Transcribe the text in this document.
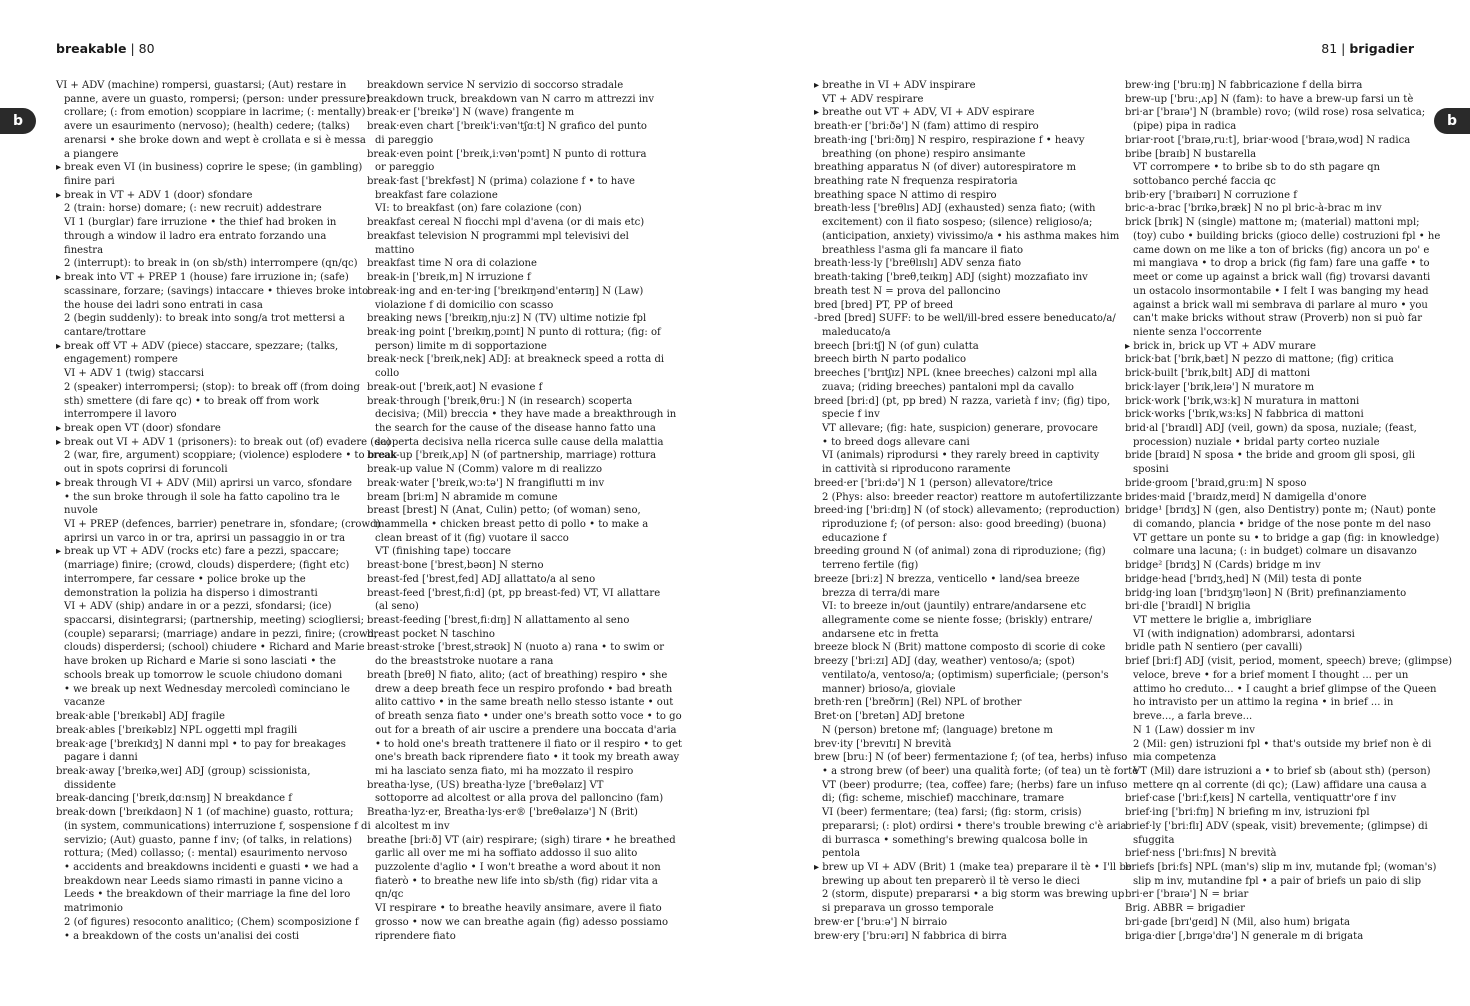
breakable | 80	81 | brigadier
b	b
VI + ADV (machine) rompersi, guastarsi; (Aut) restare in
panne, avere un guasto, rompersi; (person: under pressure)
crollare; (: from emotion) scoppiare in lacrime; (: mentally)
avere un esaurimento (nervoso); (health) cedere; (talks)
arenarsi • she broke down and wept è crollata e si è messa
a piangere
▸ break even VI (in business) coprire le spese; (in gambling)
finire pari
▸ break in VT + ADV 1 (door) sfondare
2 (train: horse) domare; (: new recruit) addestrare
VI 1 (burglar) fare irruzione • the thief had broken in
through a window il ladro era entrato forzando una
finestra
2 (interrupt): to break in (on sb/sth) interrompere (qn/qc)
▸ break into VT + PREP 1 (house) fare irruzione in; (safe)
scassinare, forzare; (savings) intaccare • thieves broke into
the house dei ladri sono entrati in casa
2 (begin suddenly): to break into song/a trot mettersi a
cantare/trottare
▸ break off VT + ADV (piece) staccare, spezzare; (talks,
engagement) rompere
VI + ADV 1 (twig) staccarsi
2 (speaker) interrompersi; (stop): to break off (from doing
sth) smettere (di fare qc) • to break off from work
interrompere il lavoro
▸ break open VT (door) sfondare
▸ break out VI + ADV 1 (prisoners): to break out (of) evadere (da)
2 (war, fire, argument) scoppiare; (violence) esplodere • to break
out in spots coprirsi di foruncoli
▸ break through VI + ADV (Mil) aprirsi un varco, sfondare
• the sun broke through il sole ha fatto capolino tra le
nuvole
VI + PREP (defences, barrier) penetrare in, sfondare; (crowd)
aprirsi un varco in or tra, aprirsi un passaggio in or tra
▸ break up VT + ADV (rocks etc) fare a pezzi, spaccare;
(marriage) finire; (crowd, clouds) disperdere; (fight etc)
interrompere, far cessare • police broke up the
demonstration la polizia ha disperso i dimostranti
VI + ADV (ship) andare in or a pezzi, sfondarsi; (ice)
spaccarsi, disintegrarsi; (partnership, meeting) sciogliersi;
(couple) separarsi; (marriage) andare in pezzi, finire; (crowd,
clouds) disperdersi; (school) chiudere • Richard and Marie
have broken up Richard e Marie si sono lasciati • the
schools break up tomorrow le scuole chiudono domani
• we break up next Wednesday mercoledì cominciano le
vacanze
break·able ['breɪkəbl] ADJ fragile
break·ables ['breɪkəblz] NPL oggetti mpl fragili
break·age ['breɪkɪdʒ] N danni mpl • to pay for breakages
pagare i danni
break·away ['breɪkə,weɪ] ADJ (group) scissionista,
dissidente
break-dancing ['breɪk,dɑːnsɪŋ] N breakdance f
break·down ['breɪkdaʊn] N 1 (of machine) guasto, rottura;
(in system, communications) interruzione f, sospensione f di
servizio; (Aut) guasto, panne f inv; (of talks, in relations)
rottura; (Med) collasso; (: mental) esaurimento nervoso
• accidents and breakdowns incidenti e guasti • we had a
breakdown near Leeds siamo rimasti in panne vicino a
Leeds • the breakdown of their marriage la fine del loro
matrimonio
2 (of figures) resoconto analitico; (Chem) scomposizione f
• a breakdown of the costs un'analisi dei costi
breakdown service N servizio di soccorso stradale
breakdown truck, breakdown van N carro m attrezzi inv
break·er ['breɪkə'] N (wave) frangente m
break·even chart ['breɪk'iːvən'tʃɑːt] N grafico del punto
di pareggio
break·even point ['breɪk,iːvən'pɔɪnt] N punto di rottura
or pareggio
break·fast ['brekfəst] N (prima) colazione f • to have
breakfast fare colazione
VI: to breakfast (on) fare colazione (con)
breakfast cereal N fiocchi mpl d'avena (or di mais etc)
breakfast television N programmi mpl televisivi del
mattino
breakfast time N ora di colazione
break-in ['breɪk,ɪn] N irruzione f
break·ing and en·ter·ing ['breɪkɪŋənd'entərɪŋ] N (Law)
violazione f di domicilio con scasso
breaking news ['breɪkɪŋ,njuːz] N (TV) ultime notizie fpl
break·ing point ['breɪkɪŋ,pɔɪnt] N punto di rottura; (fig: of
person) limite m di sopportazione
break·neck ['breɪk,nek] ADJ: at breakneck speed a rotta di
collo
break-out ['breɪk,aʊt] N evasione f
break·through ['breɪk,θruː] N (in research) scoperta
decisiva; (Mil) breccia • they have made a breakthrough in
the search for the cause of the disease hanno fatto una
scoperta decisiva nella ricerca sulle cause della malattia
break-up ['breɪk,ʌp] N (of partnership, marriage) rottura
break-up value N (Comm) valore m di realizzo
break·water ['breɪk,wɔːtə'] N frangiflutti m inv
bream [briːm] N abramide m comune
breast [brest] N (Anat, Culin) petto; (of woman) seno,
mammella • chicken breast petto di pollo • to make a
clean breast of it (fig) vuotare il sacco
VT (finishing tape) toccare
breast·bone ['brest,bəʊn] N sterno
breast-fed ['brest,fed] ADJ allattato/a al seno
breast-feed ['brest,fiːd] (pt, pp breast-fed) VT, VI allattare
(al seno)
breast-feeding ['brest,fiːdɪŋ] N allattamento al seno
breast pocket N taschino
breast·stroke ['brest,strəʊk] N (nuoto a) rana • to swim or
do the breaststroke nuotare a rana
breath [breθ] N fiato, alito; (act of breathing) respiro • she
drew a deep breath fece un respiro profondo • bad breath
alito cattivo • in the same breath nello stesso istante • out
of breath senza fiato • under one's breath sotto voce • to go
out for a breath of air uscire a prendere una boccata d'aria
• to hold one's breath trattenere il fiato or il respiro • to get
one's breath back riprendere fiato • it took my breath away
mi ha lasciato senza fiato, mi ha mozzato il respiro
breatha·lyse, (US) breatha·lyze ['breθəlaɪz] VT
sottoporre ad alcoltest or alla prova del palloncino (fam)
Breatha·lyz·er, Breatha·lys·er® ['breθəlaɪzə'] N (Brit)
alcoltest m inv
breathe [briːð] VT (air) respirare; (sigh) tirare • he breathed
garlic all over me mi ha soffiato addosso il suo alito
puzzolente d'aglio • I won't breathe a word about it non
fiaterò • to breathe new life into sb/sth (fig) ridar vita a
qn/qc
VI respirare • to breathe heavily ansimare, avere il fiato
grosso • now we can breathe again (fig) adesso possiamo
riprendere fiato
▸ breathe in VI + ADV inspirare
VT + ADV respirare
▸ breathe out VT + ADV, VI + ADV espirare
breath·er ['briːðə'] N (fam) attimo di respiro
breath·ing ['briːðɪŋ] N respiro, respirazione f • heavy
breathing (on phone) respiro ansimante
breathing apparatus N (of diver) autorespiratore m
breathing rate N frequenza respiratoria
breathing space N attimo di respiro
breath·less ['breθlɪs] ADJ (exhausted) senza fiato; (with
excitement) con il fiato sospeso; (silence) religioso/a;
(anticipation, anxiety) vivissimo/a • his asthma makes him
breathless l'asma gli fa mancare il fiato
breath·less·ly ['breθlɪslɪ] ADV senza fiato
breath·taking ['breθ,teɪkɪŋ] ADJ (sight) mozzafiato inv
breath test N = prova del palloncino
bred [bred] PT, PP of breed
-bred [bred] SUFF: to be well/ill-bred essere beneducato/a/
maleducato/a
breech [briːtʃ] N (of gun) culatta
breech birth N parto podalico
breeches ['brɪtʃɪz] NPL (knee breeches) calzoni mpl alla
zuava; (riding breeches) pantaloni mpl da cavallo
breed [briːd] (pt, pp bred) N razza, varietà f inv; (fig) tipo,
specie f inv
VT allevare; (fig: hate, suspicion) generare, provocare
• to breed dogs allevare cani
VI (animals) riprodursi • they rarely breed in captivity
in cattività si riproducono raramente
breed·er ['briːdə'] N 1 (person) allevatore/trice
2 (Phys: also: breeder reactor) reattore m autofertilizzante
breed·ing ['briːdɪŋ] N (of stock) allevamento; (reproduction)
riproduzione f; (of person: also: good breeding) (buona)
educazione f
breeding ground N (of animal) zona di riproduzione; (fig)
terreno fertile (fig)
breeze [briːz] N brezza, venticello • land/sea breeze
brezza di terra/di mare
VI: to breeze in/out (jauntily) entrare/andarsene etc
allegramente come se niente fosse; (briskly) entrare/
andarsene etc in fretta
breeze block N (Brit) mattone composto di scorie di coke
breezy ['briːzɪ] ADJ (day, weather) ventoso/a; (spot)
ventilato/a, ventoso/a; (optimism) superficiale; (person's
manner) brioso/a, gioviale
breth·ren ['breðrɪn] (Rel) NPL of brother
Bret·on ['bretən] ADJ bretone
N (person) bretone mf; (language) bretone m
brev·ity ['brevɪtɪ] N brevità
brew [bruː] N (of beer) fermentazione f; (of tea, herbs) infuso
• a strong brew (of beer) una qualità forte; (of tea) un tè forte
VT (beer) produrre; (tea, coffee) fare; (herbs) fare un infuso
di; (fig: scheme, mischief) macchinare, tramare
VI (beer) fermentare; (tea) farsi; (fig: storm, crisis)
prepararsi; (: plot) ordirsi • there's trouble brewing c'è aria
di burrasca • something's brewing qualcosa bolle in
pentola
▸ brew up VI + ADV (Brit) 1 (make tea) preparare il tè • I'll be
brewing up about ten preparerò il tè verso le dieci
2 (storm, dispute) prepararsi • a big storm was brewing up
si preparava un grosso temporale
brew·er ['bruːə'] N birraio
brew·ery ['bruːərɪ] N fabbrica di birra
brew·ing ['bruːɪŋ] N fabbricazione f della birra
brew-up ['bruː,ʌp] N (fam): to have a brew-up farsi un tè
bri·ar ['braɪə'] N (bramble) rovo; (wild rose) rosa selvatica;
(pipe) pipa in radica
briar·root ['braɪə,ruːt], briar·wood ['braɪə,wʊd] N radica
bribe [braɪb] N bustarella
VT corrompere • to bribe sb to do sth pagare qn
sottobanco perché faccia qc
brib·ery ['braɪbərɪ] N corruzione f
bric-a-brac ['brɪkə,bræk] N no pl bric-à-brac m inv
brick [brɪk] N (single) mattone m; (material) mattoni mpl;
(toy) cubo • building bricks (gioco delle) costruzioni fpl • he
came down on me like a ton of bricks (fig) ancora un po' e
mi mangiava • to drop a brick (fig fam) fare una gaffe • to
meet or come up against a brick wall (fig) trovarsi davanti
un ostacolo insormontabile • I felt I was banging my head
against a brick wall mi sembrava di parlare al muro • you
can't make bricks without straw (Proverb) non si può far
niente senza l'occorrente
▸ brick in, brick up VT + ADV murare
brick·bat ['brɪk,bæt] N pezzo di mattone; (fig) critica
brick-built ['brɪk,bɪlt] ADJ di mattoni
brick·layer ['brɪk,leɪə'] N muratore m
brick·work ['brɪk,wɜːk] N muratura in mattoni
brick·works ['brɪk,wɜːks] N fabbrica di mattoni
brid·al ['braɪdl] ADJ (veil, gown) da sposa, nuziale; (feast,
procession) nuziale • bridal party corteo nuziale
bride [braɪd] N sposa • the bride and groom gli sposi, gli
sposini
bride·groom ['braɪd,gruːm] N sposo
brides·maid ['braɪdz,meɪd] N damigella d'onore
bridge¹ [brɪdʒ] N (gen, also Dentistry) ponte m; (Naut) ponte
di comando, plancia • bridge of the nose ponte m del naso
VT gettare un ponte su • to bridge a gap (fig: in knowledge)
colmare una lacuna; (: in budget) colmare un disavanzo
bridge² [brɪdʒ] N (Cards) bridge m inv
bridge·head ['brɪdʒ,hed] N (Mil) testa di ponte
bridg·ing loan ['brɪdʒɪŋ'ləʊn] N (Brit) prefinanziamento
bri·dle ['braɪdl] N briglia
VT mettere le briglie a, imbrigliare
VI (with indignation) adombrarsi, adontarsi
bridle path N sentiero (per cavalli)
brief [briːf] ADJ (visit, period, moment, speech) breve; (glimpse)
veloce, breve • for a brief moment I thought ... per un
attimo ho creduto... • I caught a brief glimpse of the Queen
ho intravisto per un attimo la regina • in brief ... in
breve..., a farla breve...
N 1 (Law) dossier m inv
2 (Mil: gen) istruzioni fpl • that's outside my brief non è di
mia competenza
VT (Mil) dare istruzioni a • to brief sb (about sth) (person)
mettere qn al corrente (di qc); (Law) affidare una causa a
brief·case ['briːf,keɪs] N cartella, ventiquattr'ore f inv
brief·ing ['briːfɪŋ] N briefing m inv, istruzioni fpl
brief·ly ['briːflɪ] ADV (speak, visit) brevemente; (glimpse) di
sfuggita
brief·ness ['briːfnɪs] N brevità
briefs [briːfs] NPL (man's) slip m inv, mutande fpl; (woman's)
slip m inv, mutandine fpl • a pair of briefs un paio di slip
bri·er ['braɪə'] N = briar
Brig. ABBR = brigadier
bri·gade [brɪ'geɪd] N (Mil, also hum) brigata
briga·dier [,brɪgə'dɪə'] N generale m di brigata
